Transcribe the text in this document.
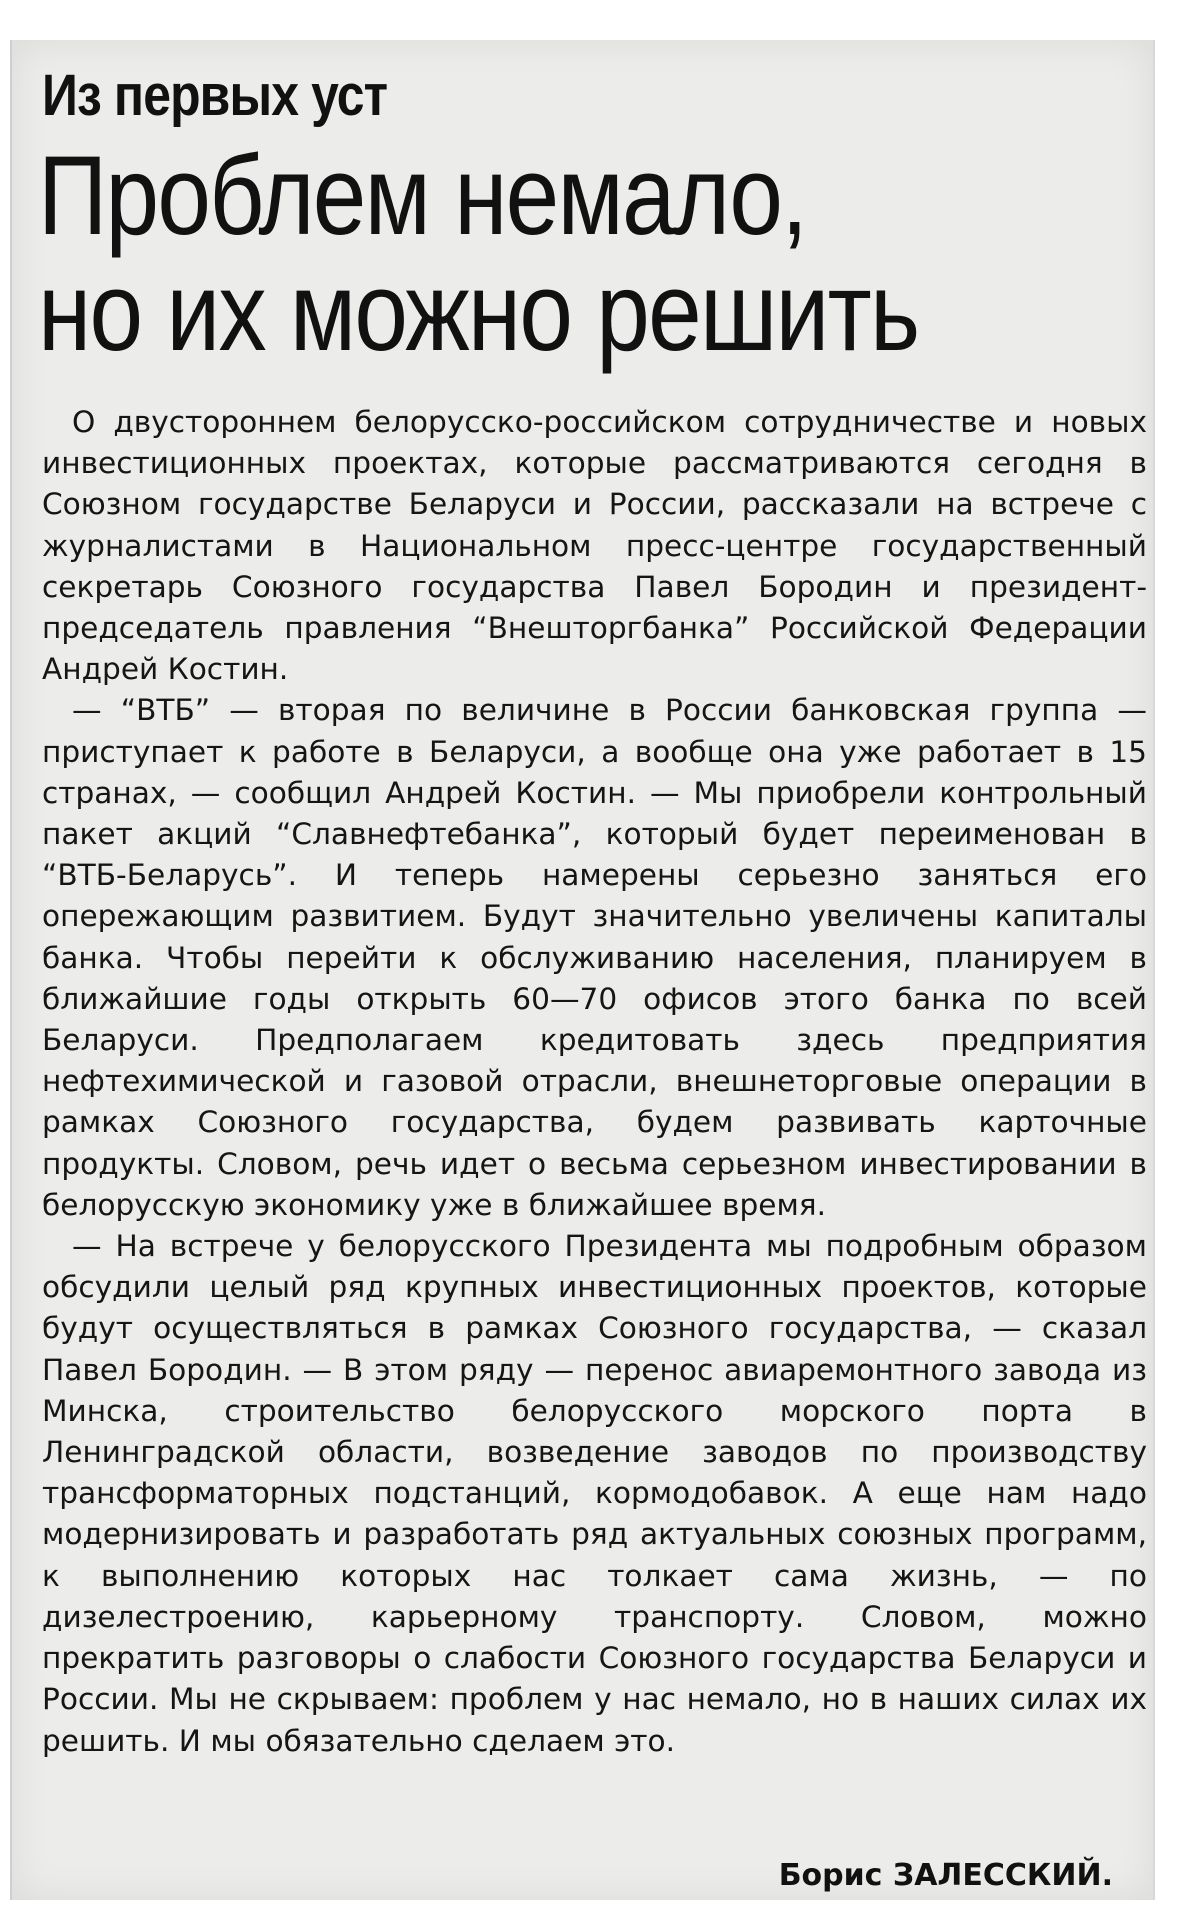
Из первых уст
Проблем немало,
но их можно решить

О двустороннем белорусско-российском сотрудничестве и новых инвестиционных проектах, которые рассматриваются сегодня в Союзном государстве Беларуси и России, рассказали на встрече с журналистами в Национальном пресс-центре государственный секретарь Союзного государства Павел Бородин и президент-председатель правления “Внешторгбанка” Российской Федерации Андрей Костин.

— “ВТБ” — вторая по величине в России банковская группа — приступает к работе в Беларуси, а вообще она уже работает в 15 странах, — сообщил Андрей Костин. — Мы приобрели контрольный пакет акций “Славнефтебанка”, который будет переименован в “ВТБ-Беларусь”. И теперь намерены серьезно заняться его опережающим развитием. Будут значительно увеличены капиталы банка. Чтобы перейти к обслуживанию населения, планируем в ближайшие годы открыть 60—70 офисов этого банка по всей Беларуси. Предполагаем кредитовать здесь предприятия нефтехимической и газовой отрасли, внешнеторговые операции в рамках Союзного государства, будем развивать карточные продукты. Словом, речь идет о весьма серьезном инвестировании в белорусскую экономику уже в ближайшее время.

— На встрече у белорусского Президента мы подробным образом обсудили целый ряд крупных инвестиционных проектов, которые будут осуществляться в рамках Союзного государства, — сказал Павел Бородин. — В этом ряду — перенос авиаремонтного завода из Минска, строительство белорусского морского порта в Ленинградской области, возведение заводов по производству трансформаторных подстанций, кормодобавок. А еще нам надо модернизировать и разработать ряд актуальных союзных программ, к выполнению которых нас толкает сама жизнь, — по дизелестроению, карьерному транспорту. Словом, можно прекратить разговоры о слабости Союзного государства Беларуси и России. Мы не скрываем: проблем у нас немало, но в наших силах их решить. И мы обязательно сделаем это.

Борис ЗАЛЕССКИЙ.
